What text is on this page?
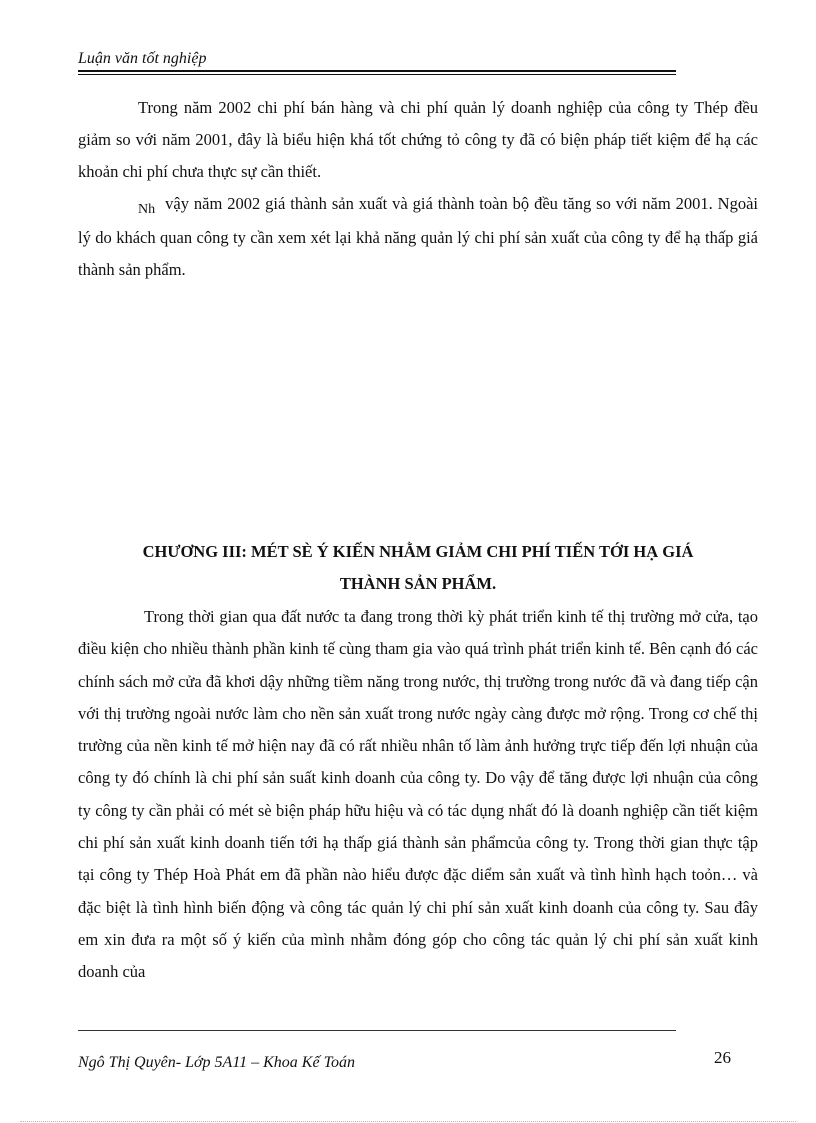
Luận văn tốt nghiệp

Trong năm 2002 chi phí bán hàng và chi phí quản lý doanh nghiệp của công ty Thép đều giảm so với năm 2001, đây là biểu hiện khá tốt chứng tỏ công ty đã có biện pháp tiết kiệm để hạ các khoản chi phí chưa thực sự cần thiết.

Nh vậy năm 2002 giá thành sản xuất và giá thành toàn bộ đều tăng so với năm 2001. Ngoài lý do khách quan công ty cần xem xét lại khả năng quản lý chi phí sản xuất của công ty để hạ thấp giá thành sản phẩm.

CHƯƠNG III: MÉT SÈ Ý KIẾN NHẰM GIẢM CHI PHÍ TIẾN TỚI HẠ GIÁ
THÀNH SẢN PHẨM.

Trong thời gian qua đất nước ta đang trong thời kỳ phát triển kinh tế thị trường mở cửa, tạo điều kiện cho nhiều thành phần kinh tế cùng tham gia vào quá trình phát triển kinh tế. Bên cạnh đó các chính sách mở cửa đã khơi dậy những tiềm năng trong nước, thị trường trong nước đã và đang tiếp cận với thị trường ngoài nước làm cho nền sản xuất trong nước ngày càng được mở rộng. Trong cơ chế thị trường của nền kinh tế mở hiện nay đã có rất nhiều nhân tố làm ảnh hưởng trực tiếp đến lợi nhuận của công ty đó chính là chi phí sản suất kinh doanh của công ty. Do vậy để tăng được lợi nhuận của công ty công ty cần phải có mét sè biện pháp hữu hiệu và có tác dụng nhất đó là doanh nghiệp cần tiết kiệm chi phí sản xuất kinh doanh tiến tới hạ thấp giá thành sản phẩmcủa công ty. Trong thời gian thực tập tại công ty Thép Hoà Phát em đã phần nào hiểu được đặc diểm sản xuất và tình hình hạch toỏn… và đặc biệt là tình hình biến động và công tác quản lý chi phí sản xuất kinh doanh của công ty. Sau đây em xin đưa ra một số ý kiến của mình nhằm đóng góp cho công tác quản lý chi phí sản xuất kinh doanh của

Ngô Thị Quyên- Lớp 5A11 – Khoa Kế Toán	26
